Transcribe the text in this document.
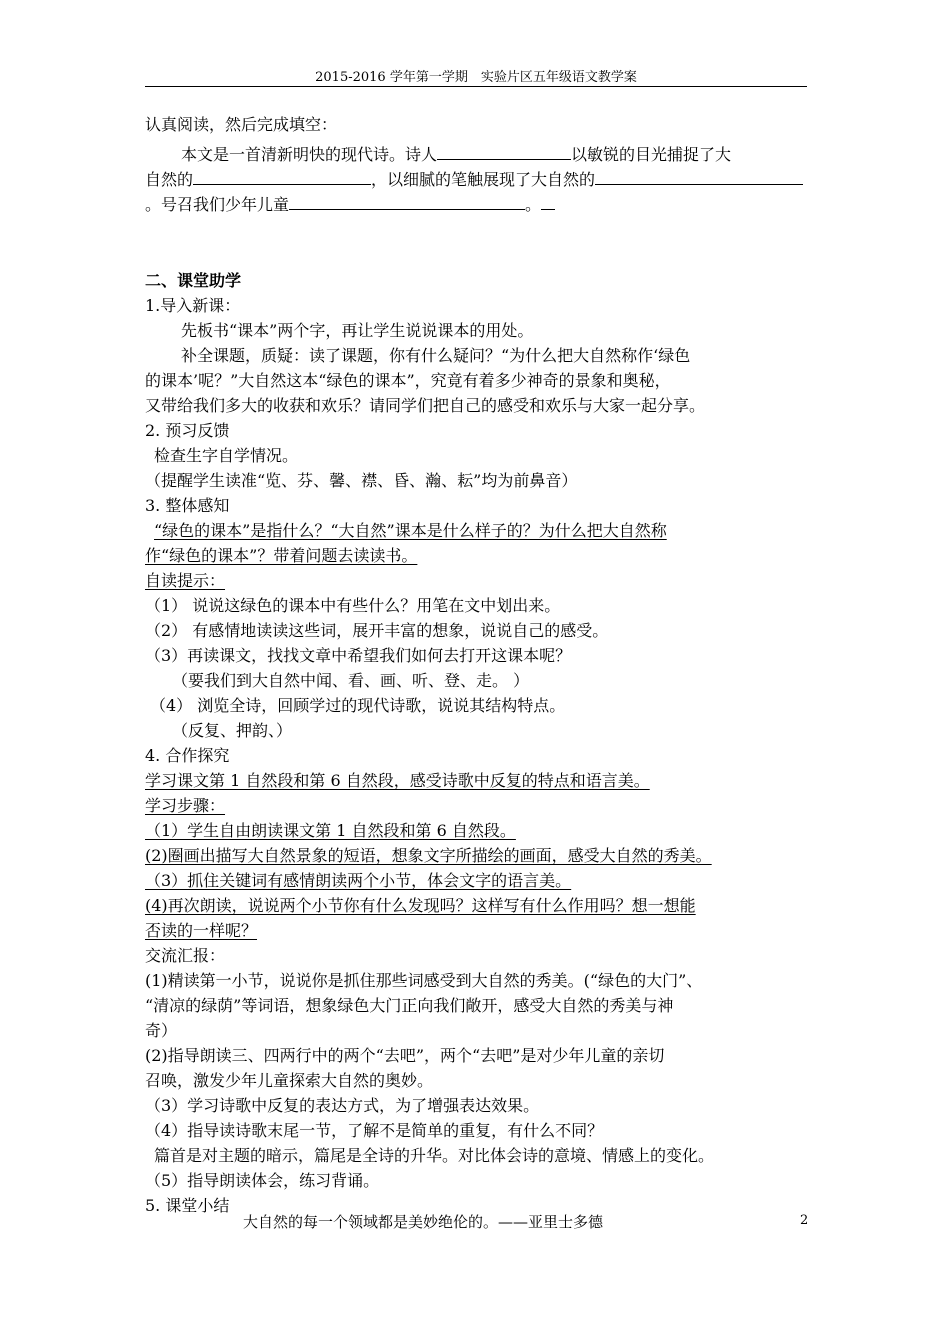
2015-2016 学年第一学期　实验片区五年级语文教学案
认真阅读，然后完成填空：
本文是一首清新明快的现代诗。诗人	以敏锐的目光捕捉了大
自然的	，以细腻的笔触展现了大自然的
。号召我们少年儿童	。
二、课堂助学
1.导入新课：
先板书“课本”两个字，再让学生说说课本的用处。
补全课题，质疑：读了课题，你有什么疑问？“为什么把大自然称作‘绿色
的课本’呢？”大自然这本“绿色的课本”，究竟有着多少神奇的景象和奥秘，
又带给我们多大的收获和欢乐？请同学们把自己的感受和欢乐与大家一起分享。
2. 预习反馈
检查生字自学情况。
（提醒学生读准“览、芬、馨、襟、昏、瀚、耘”均为前鼻音）
3. 整体感知
“绿色的课本”是指什么？“大自然”课本是什么样子的？为什么把大自然称
作“绿色的课本”？带着问题去读读书。
自读提示：
（1） 说说这绿色的课本中有些什么？用笔在文中划出来。
（2） 有感情地读读这些词，展开丰富的想象，说说自己的感受。
（3）再读课文，找找文章中希望我们如何去打开这课本呢？
（要我们到大自然中闻、看、画、听、登、走。 ）
（4） 浏览全诗，回顾学过的现代诗歌，说说其结构特点。
（反复、押韵、）
4. 合作探究
学习课文第 1 自然段和第 6 自然段，感受诗歌中反复的特点和语言美。
学习步骤：
（1）学生自由朗读课文第 1 自然段和第 6 自然段。
(2)圈画出描写大自然景象的短语，想象文字所描绘的画面，感受大自然的秀美。
（3）抓住关键词有感情朗读两个小节，体会文字的语言美。
(4)再次朗读，说说两个小节你有什么发现吗？这样写有什么作用吗？想一想能
否读的一样呢？
交流汇报：
(1)精读第一小节，说说你是抓住那些词感受到大自然的秀美。(“绿色的大门”、
“清凉的绿荫”等词语，想象绿色大门正向我们敞开，感受大自然的秀美与神
奇）
(2)指导朗读三、四两行中的两个“去吧”，两个“去吧”是对少年儿童的亲切
召唤，激发少年儿童探索大自然的奥妙。
（3）学习诗歌中反复的表达方式，为了增强表达效果。
（4）指导读诗歌末尾一节，了解不是简单的重复，有什么不同？
篇首是对主题的暗示，篇尾是全诗的升华。对比体会诗的意境、情感上的变化。
（5）指导朗读体会，练习背诵。
5. 课堂小结
大自然的每一个领域都是美妙绝伦的。——亚里士多德	2
